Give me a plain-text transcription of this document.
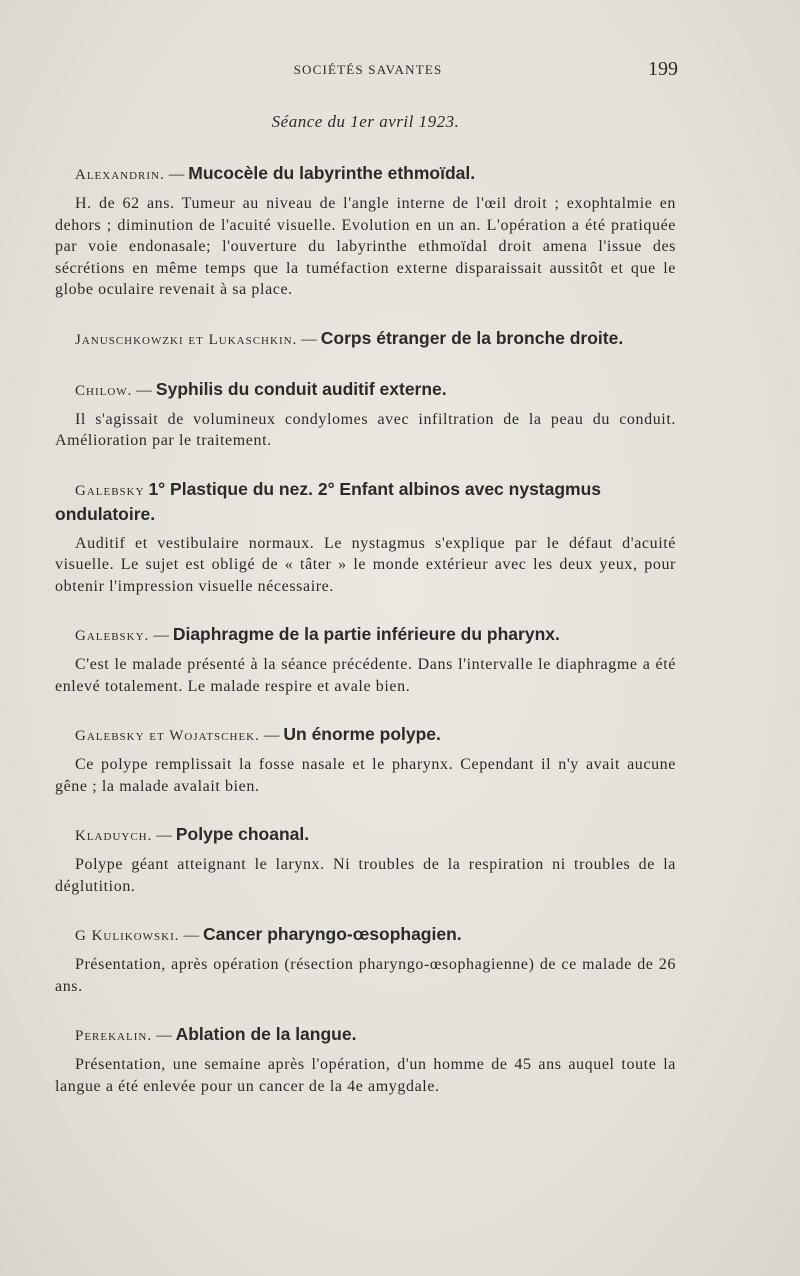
SOCIÉTÉS SAVANTES	199
Séance du 1er avril 1923.

Alexandrin. — Mucocèle du labyrinthe ethmoïdal.

H. de 62 ans. Tumeur au niveau de l'angle interne de l'œil droit ; exophtalmie en dehors ; diminution de l'acuité visuelle. Evolution en un an. L'opération a été pratiquée par voie endonasale; l'ouverture du labyrinthe ethmoïdal droit amena l'issue des sécrétions en même temps que la tuméfaction externe disparaissait aussitôt et que le globe oculaire revenait à sa place.

Januschkowzki et Lukaschkin. — Corps étranger de la bronche droite.

Chilow. — Syphilis du conduit auditif externe.

Il s'agissait de volumineux condylomes avec infiltration de la peau du conduit. Amélioration par le traitement.

Galebsky 1° Plastique du nez. 2° Enfant albinos avec nystagmus ondulatoire.

Auditif et vestibulaire normaux. Le nystagmus s'explique par le défaut d'acuité visuelle. Le sujet est obligé de « tâter » le monde extérieur avec les deux yeux, pour obtenir l'impression visuelle nécessaire.

Galebsky. — Diaphragme de la partie inférieure du pharynx.

C'est le malade présenté à la séance précédente. Dans l'intervalle le diaphragme a été enlevé totalement. Le malade respire et avale bien.

Galebsky et Wojatschek. — Un énorme polype.

Ce polype remplissait la fosse nasale et le pharynx. Cependant il n'y avait aucune gêne ; la malade avalait bien.

Kladuych. — Polype choanal.

Polype géant atteignant le larynx. Ni troubles de la respiration ni troubles de la déglutition.

G Kulikowski. — Cancer pharyngo-œsophagien.

Présentation, après opération (résection pharyngo-œsophagienne) de ce malade de 26 ans.

Perekalin. — Ablation de la langue.

Présentation, une semaine après l'opération, d'un homme de 45 ans auquel toute la langue a été enlevée pour un cancer de la 4e amygdale.
